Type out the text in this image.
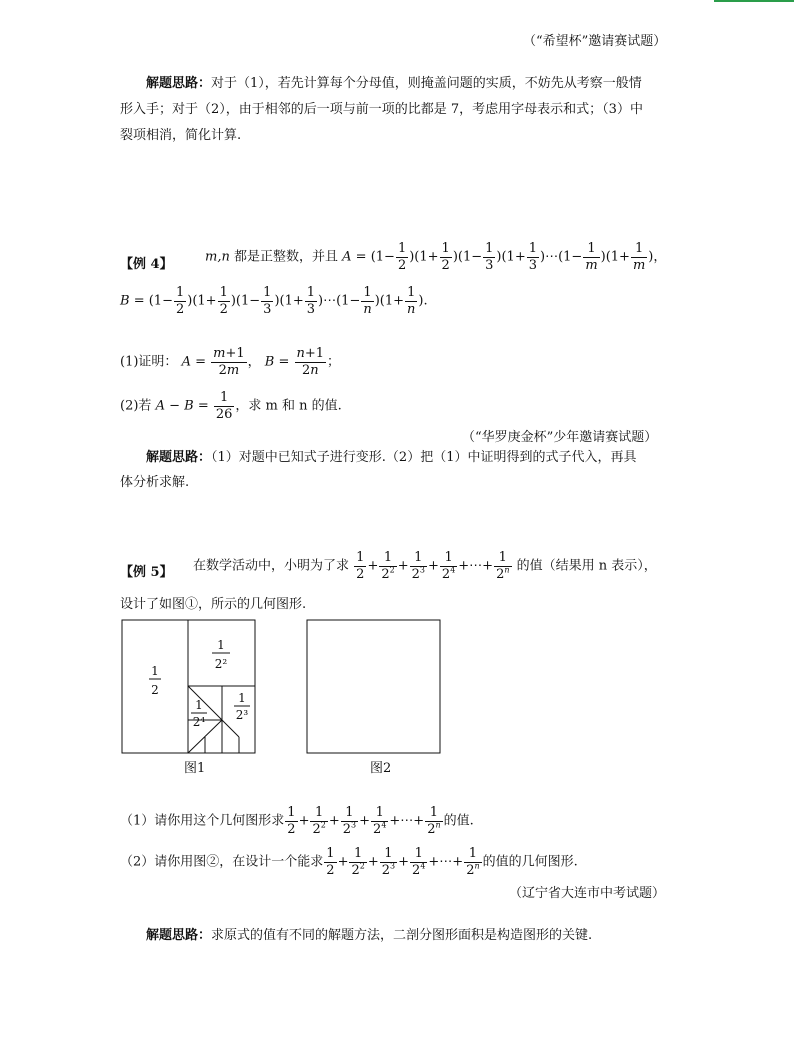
（“希望杯”邀请赛试题）
解题思路：对于（1），若先计算每个分母值，则掩盖问题的实质，不妨先从考察一般情
形入手；对于（2），由于相邻的后一项与前一项的比都是 7，考虑用字母表示和式；（3）中
裂项相消，简化计算.
【例 4】 m,n 都是正整数，并且 $A = (1- \frac{1}{2} )(1+ \frac{1}{2} )(1- \frac{1}{3} )(1+ \frac{1}{3}$ )⋯(1− $\frac{1}{m} )(1+ \frac{1}{m}$ )，
$B = (1- \frac{1}{2} )(1+ \frac{1}{2} )(1- \frac{1}{3} )(1+ \frac{1}{3}$ )⋯(1− $\frac{1}{n} )(1+ \frac{1}{n}$ ).
(1)证明： $A = \frac{m+1}{2m}$ ， $B = \frac{n+1}{2n}$ ；
(2)若 $A - B = \frac{1}{26}$ ，求 m 和 n 的值.
（“华罗庚金杯”少年邀请赛试题）
解题思路：（1）对题中已知式子进行变形.（2）把（1）中证明得到的式子代入，再具
体分析求解.
【例 5】 在数学活动中，小明为了求 $\frac{1}{2} + \frac{1}{2^2} + \frac{1}{2^3} + \frac{1}{2^4}$ +⋯+ $\frac{1}{2^n}$ 的值（结果用 n 表示），
设计了如图①，所示的几何图形.
1
2
1
2²
1
2³
1
2⁴
图1	图2
（1）请你用这个几何图形求 $\frac{1}{2} + \frac{1}{2^2} + \frac{1}{2^3} + \frac{1}{2^4}$ +⋯+ $\frac{1}{2^n}$ 的值.
（2）请你用图②，在设计一个能求 $\frac{1}{2} + \frac{1}{2^2} + \frac{1}{2^3} + \frac{1}{2^4}$ +⋯+ $\frac{1}{2^n}$ 的值的几何图形.
（辽宁省大连市中考试题）
解题思路：求原式的值有不同的解题方法，二剖分图形面积是构造图形的关键.
